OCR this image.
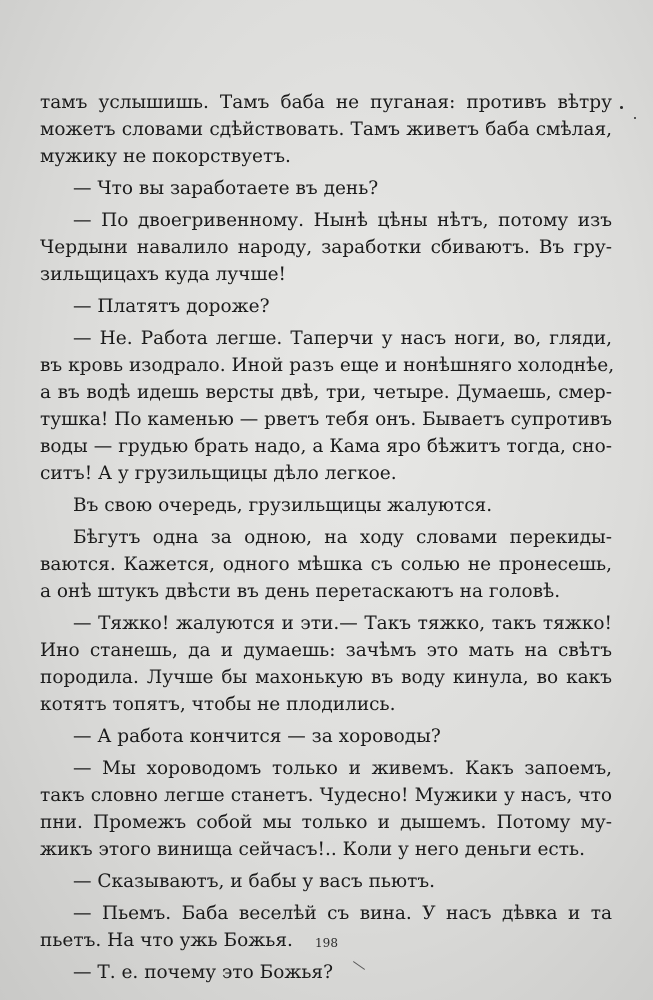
тамъ услышишь. Тамъ баба не пуганая: противъ вѣтру
можетъ словами сдѣйствовать. Тамъ живетъ баба смѣлая,
мужику не покорствуетъ.
— Что вы заработаете въ день?
— По двоегривенному. Нынѣ цѣны нѣтъ, потому изъ
Чердыни навалило народу, заработки сбиваютъ. Въ гру-
зильщицахъ куда лучше!
— Платятъ дороже?
— Не. Работа легше. Таперчи у насъ ноги, во, гляди,
въ кровь изодрало. Иной разъ еще и нонѣшняго холоднѣе,
а въ водѣ идешь версты двѣ, три, четыре. Думаешь, смер-
тушка! По каменью — рветъ тебя онъ. Бываетъ супротивъ
воды — грудью брать надо, а Кама яро бѣжитъ тогда, сно-
ситъ! А у грузильщицы дѣло легкое.
Въ свою очередь, грузильщицы жалуются.
Бѣгутъ одна за одною, на ходу словами перекиды-
ваются. Кажется, одного мѣшка съ солью не пронесешь,
а онѣ штукъ двѣсти въ день перетаскаютъ на головѣ.
— Тяжко! жалуются и эти.— Такъ тяжко, такъ тяжко!
Ино станешь, да и думаешь: зачѣмъ это мать на свѣтъ
породила. Лучше бы махонькую въ воду кинула, во какъ
котятъ топятъ, чтобы не плодились.
— А работа кончится — за хороводы?
— Мы хороводомъ только и живемъ. Какъ запоемъ,
такъ словно легше станетъ. Чудесно! Мужики у насъ, что
пни. Промежъ собой мы только и дышемъ. Потому му-
жикъ этого винища сейчасъ!.. Коли у него деньги есть.
— Сказываютъ, и бабы у васъ пьютъ.
— Пьемъ. Баба веселѣй съ вина. У насъ дѣвка и та
пьетъ. На что ужь Божья.
— Т. е. почему это Божья?
198
